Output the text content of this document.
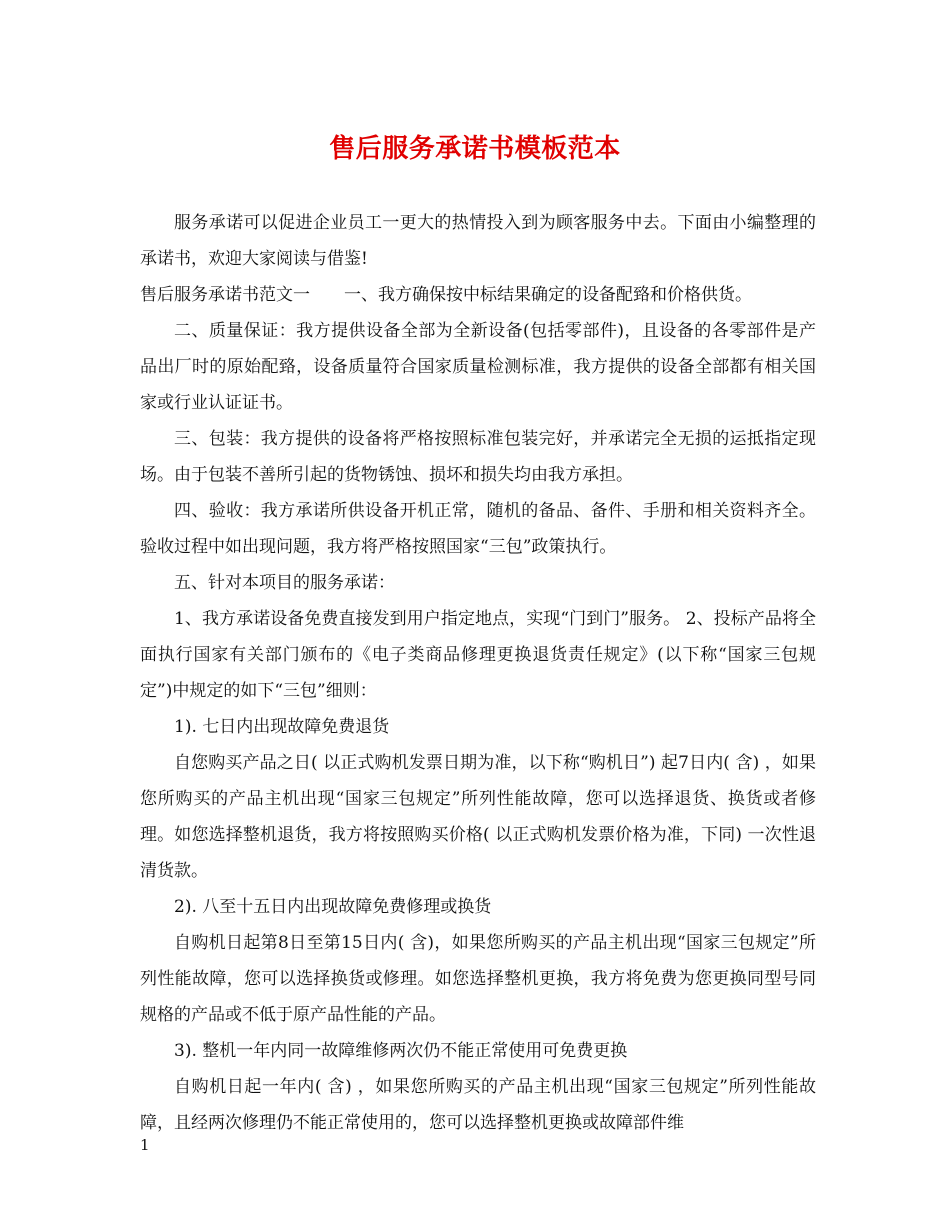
售后服务承诺书模板范本

服务承诺可以促进企业员工一更大的热情投入到为顾客服务中去。下面由小编整理的承诺书，欢迎大家阅读与借鉴!

售后服务承诺书范文一　　一、我方确保按中标结果确定的设备配臵和价格供货。

二、质量保证：我方提供设备全部为全新设备(包括零部件)，且设备的各零部件是产品出厂时的原始配臵，设备质量符合国家质量检测标准，我方提供的设备全部都有相关国家或行业认证证书。

三、包装：我方提供的设备将严格按照标准包装完好，并承诺完全无损的运抵指定现场。由于包装不善所引起的货物锈蚀、损坏和损失均由我方承担。

四、验收：我方承诺所供设备开机正常，随机的备品、备件、手册和相关资料齐全。验收过程中如出现问题，我方将严格按照国家“三包”政策执行。

五、针对本项目的服务承诺：

1、我方承诺设备免费直接发到用户指定地点，实现“门到门”服务。 2、投标产品将全面执行国家有关部门颁布的《电子类商品修理更换退货责任规定》(以下称“国家三包规定”)中规定的如下“三包”细则：

1). 七日内出现故障免费退货

自您购买产品之日( 以正式购机发票日期为准，以下称“购机日”) 起7日内( 含) ，如果您所购买的产品主机出现“国家三包规定”所列性能故障，您可以选择退货、换货或者修理。如您选择整机退货，我方将按照购买价格( 以正式购机发票价格为准，下同) 一次性退清货款。

2). 八至十五日内出现故障免费修理或换货

自购机日起第8日至第15日内( 含)，如果您所购买的产品主机出现“国家三包规定”所列性能故障，您可以选择换货或修理。如您选择整机更换，我方将免费为您更换同型号同规格的产品或不低于原产品性能的产品。

3). 整机一年内同一故障维修两次仍不能正常使用可免费更换

自购机日起一年内( 含) ，如果您所购买的产品主机出现“国家三包规定”所列性能故障，且经两次修理仍不能正常使用的，您可以选择整机更换或故障部件维

1
